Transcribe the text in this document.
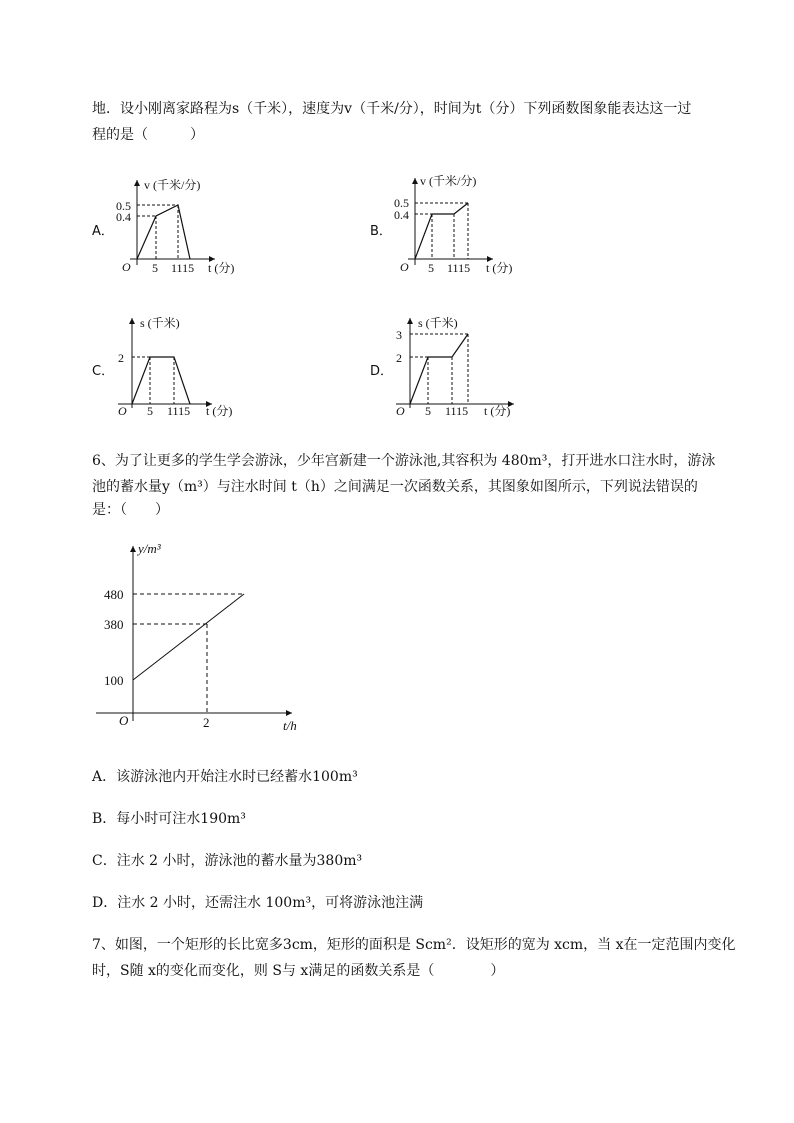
地．设小刚离家路程为s（千米），速度为v（千米/分），时间为t（分）下列函数图象能表达这一过
程的是（　　　）
A．	B．
C．	D．
v (千米/分)
0.5
0.4
O 5 1115 t (分)
v (千米/分)
0.5
0.4
O 5 1115 t (分)
s (千米)
2
O 5 1115 t (分)
s (千米)
3
2
O 5 1115 t (分)
6、为了让更多的学生学会游泳，少年宫新建一个游泳池,其容积为 480m³，打开进水口注水时，游泳
池的蓄水量y（m³）与注水时间 t（h）之间满足一次函数关系，其图象如图所示，下列说法错误的
是：（　　）
y/m³
480
380
100
O	2	t/h
A．该游泳池内开始注水时已经蓄水100m³
B．每小时可注水190m³
C．注水 2 小时，游泳池的蓄水量为380m³
D．注水 2 小时，还需注水 100m³，可将游泳池注满
7、如图，一个矩形的长比宽多3cm，矩形的面积是 Scm²．设矩形的宽为 xcm，当 x在一定范围内变化
时，S随 x的变化而变化，则 S与 x满足的函数关系是（　　　　）
